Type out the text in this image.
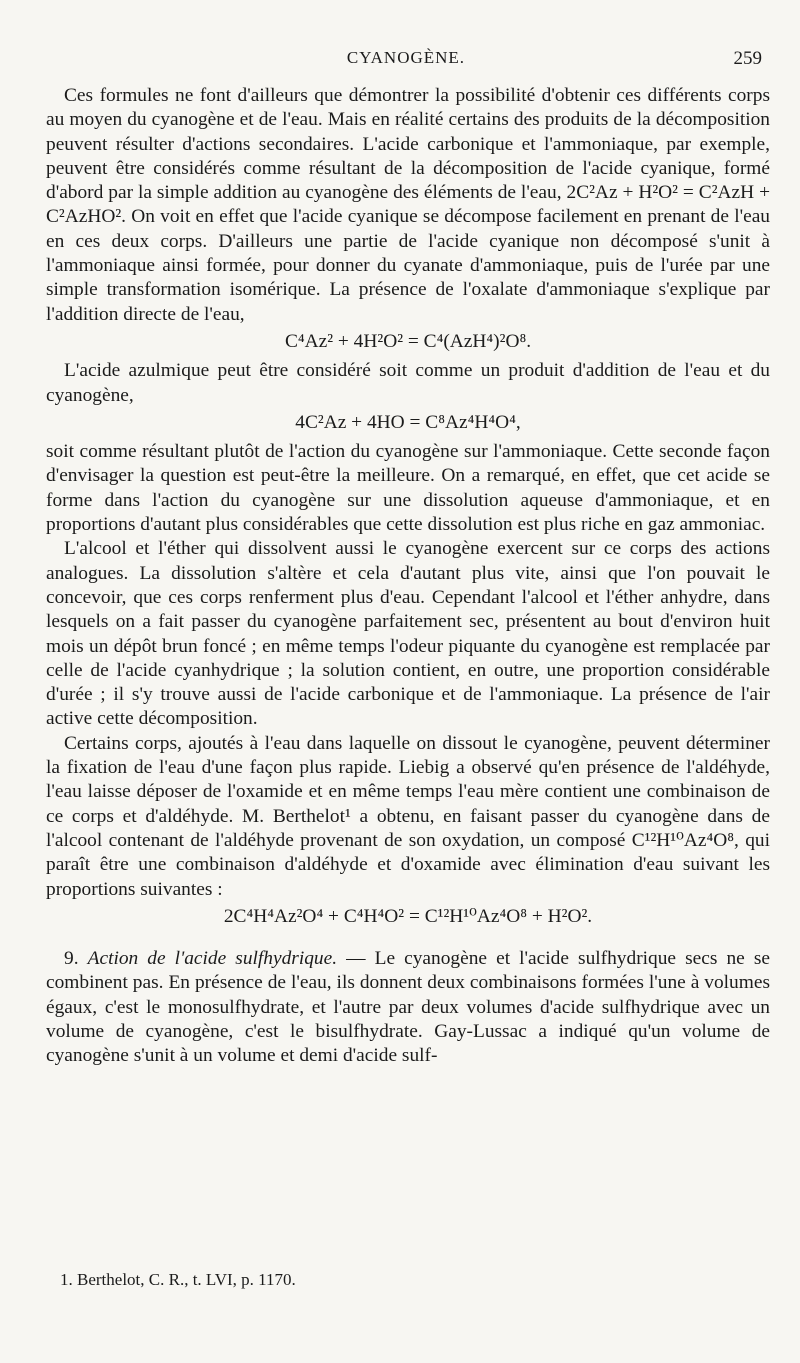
CYANOGÈNE.	259

Ces formules ne font d'ailleurs que démontrer la possibilité d'obtenir ces différents corps au moyen du cyanogène et de l'eau. Mais en réalité certains des produits de la décomposition peuvent résulter d'actions secondaires. L'acide carbonique et l'ammoniaque, par exemple, peuvent être considérés comme résultant de la décomposition de l'acide cyanique, formé d'abord par la simple addition au cyanogène des éléments de l'eau, 2C²Az + H²O² = C²AzH + C²AzHO². On voit en effet que l'acide cyanique se décompose facilement en prenant de l'eau en ces deux corps. D'ailleurs une partie de l'acide cyanique non décomposé s'unit à l'ammoniaque ainsi formée, pour donner du cyanate d'ammoniaque, puis de l'urée par une simple transformation isomérique. La présence de l'oxalate d'ammoniaque s'explique par l'addition directe de l'eau,

C⁴Az² + 4H²O² = C⁴(AzH⁴)²O⁸.

L'acide azulmique peut être considéré soit comme un produit d'addition de l'eau et du cyanogène,

4C²Az + 4HO = C⁸Az⁴H⁴O⁴,

soit comme résultant plutôt de l'action du cyanogène sur l'ammoniaque. Cette seconde façon d'envisager la question est peut-être la meilleure. On a remarqué, en effet, que cet acide se forme dans l'action du cyanogène sur une dissolution aqueuse d'ammoniaque, et en proportions d'autant plus considérables que cette dissolution est plus riche en gaz ammoniac.

L'alcool et l'éther qui dissolvent aussi le cyanogène exercent sur ce corps des actions analogues. La dissolution s'altère et cela d'autant plus vite, ainsi que l'on pouvait le concevoir, que ces corps renferment plus d'eau. Cependant l'alcool et l'éther anhydre, dans lesquels on a fait passer du cyanogène parfaitement sec, présentent au bout d'environ huit mois un dépôt brun foncé ; en même temps l'odeur piquante du cyanogène est remplacée par celle de l'acide cyanhydrique ; la solution contient, en outre, une proportion considérable d'urée ; il s'y trouve aussi de l'acide carbonique et de l'ammoniaque. La présence de l'air active cette décomposition.

Certains corps, ajoutés à l'eau dans laquelle on dissout le cyanogène, peuvent déterminer la fixation de l'eau d'une façon plus rapide. Liebig a observé qu'en présence de l'aldéhyde, l'eau laisse déposer de l'oxamide et en même temps l'eau mère contient une combinaison de ce corps et d'aldéhyde. M. Berthelot¹ a obtenu, en faisant passer du cyanogène dans de l'alcool contenant de l'aldéhyde provenant de son oxydation, un composé C¹²H¹⁰Az⁴O⁸, qui paraît être une combinaison d'aldéhyde et d'oxamide avec élimination d'eau suivant les proportions suivantes :

2C⁴H⁴Az²O⁴ + C⁴H⁴O² = C¹²H¹⁰Az⁴O⁸ + H²O².

9. Action de l'acide sulfhydrique. — Le cyanogène et l'acide sulfhydrique secs ne se combinent pas. En présence de l'eau, ils donnent deux combinaisons formées l'une à volumes égaux, c'est le monosulfhydrate, et l'autre par deux volumes d'acide sulfhydrique avec un volume de cyanogène, c'est le bisulfhydrate. Gay-Lussac a indiqué qu'un volume de cyanogène s'unit à un volume et demi d'acide sulf-

1. Berthelot, C. R., t. LVI, p. 1170.
